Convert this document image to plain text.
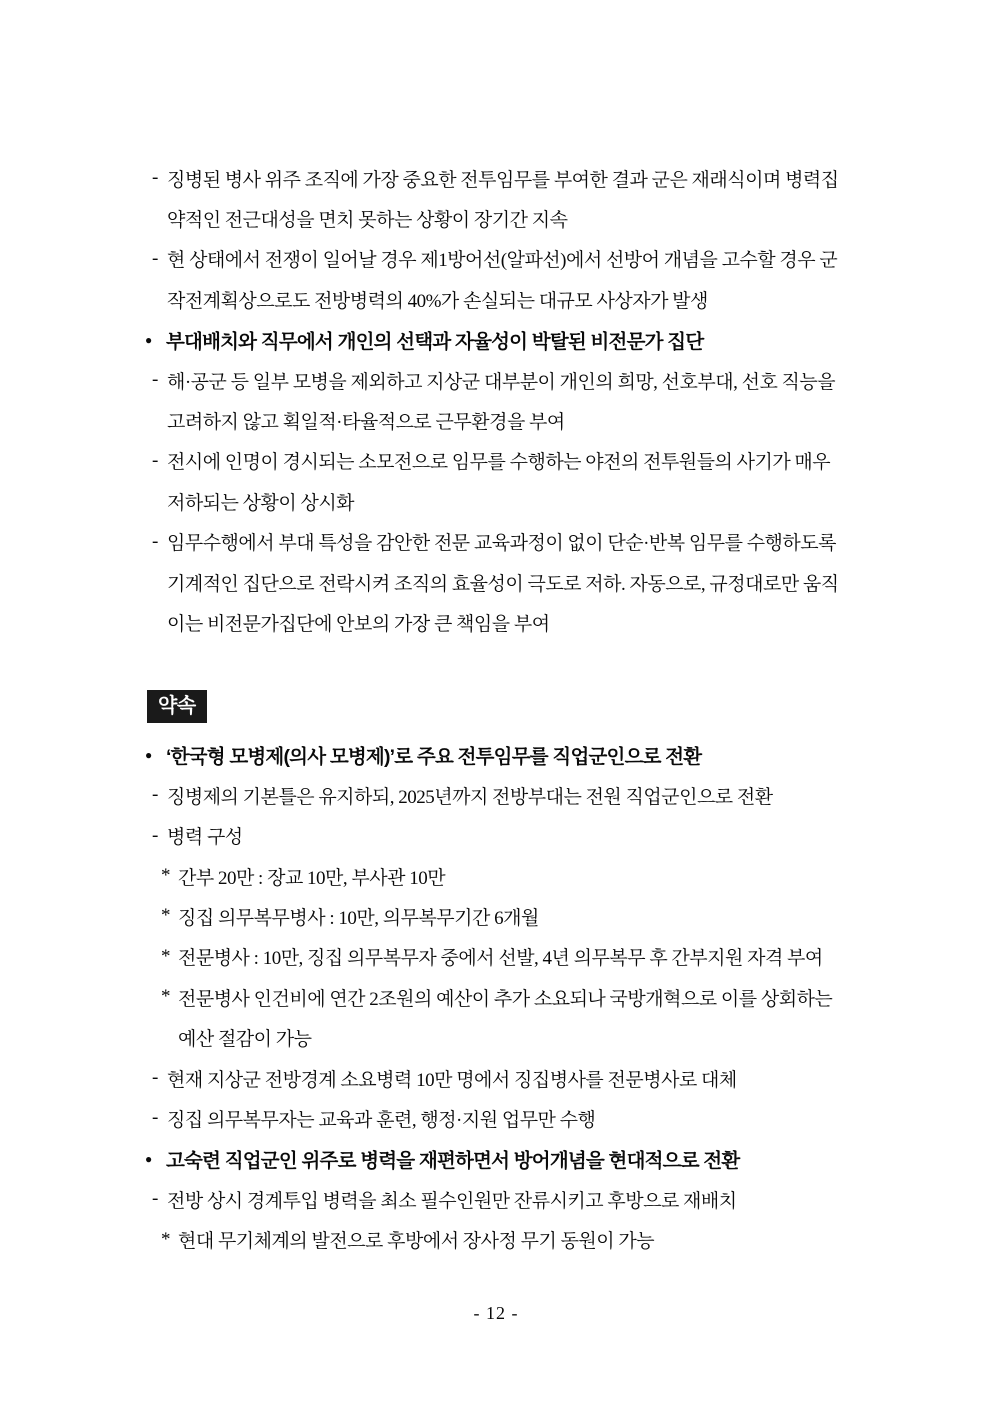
- 징병된 병사 위주 조직에 가장 중요한 전투임무를 부여한 결과 군은 재래식이며 병력집
약적인 전근대성을 면치 못하는 상황이 장기간 지속
- 현 상태에서 전쟁이 일어날 경우 제1방어선(알파선)에서 선방어 개념을 고수할 경우 군
작전계획상으로도 전방병력의 40%가 손실되는 대규모 사상자가 발생
● 부대배치와 직무에서 개인의 선택과 자율성이 박탈된 비전문가 집단
- 해·공군 등 일부 모병을 제외하고 지상군 대부분이 개인의 희망, 선호부대, 선호 직능을
고려하지 않고 획일적·타율적으로 근무환경을 부여
- 전시에 인명이 경시되는 소모전으로 임무를 수행하는 야전의 전투원들의 사기가 매우
저하되는 상황이 상시화
- 임무수행에서 부대 특성을 감안한 전문 교육과정이 없이 단순·반복 임무를 수행하도록
기계적인 집단으로 전락시켜 조직의 효율성이 극도로 저하. 자동으로, 규정대로만 움직
이는 비전문가집단에 안보의 가장 큰 책임을 부여
약속
● ‘한국형 모병제(의사 모병제)’로 주요 전투임무를 직업군인으로 전환
- 징병제의 기본틀은 유지하되, 2025년까지 전방부대는 전원 직업군인으로 전환
- 병력 구성
* 간부 20만 : 장교 10만, 부사관 10만
* 징집 의무복무병사 : 10만, 의무복무기간 6개월
* 전문병사 : 10만, 징집 의무복무자 중에서 선발, 4년 의무복무 후 간부지원 자격 부여
* 전문병사 인건비에 연간 2조원의 예산이 추가 소요되나 국방개혁으로 이를 상회하는
예산 절감이 가능
- 현재 지상군 전방경계 소요병력 10만 명에서 징집병사를 전문병사로 대체
- 징집 의무복무자는 교육과 훈련, 행정·지원 업무만 수행
● 고숙련 직업군인 위주로 병력을 재편하면서 방어개념을 현대적으로 전환
- 전방 상시 경계투입 병력을 최소 필수인원만 잔류시키고 후방으로 재배치
* 현대 무기체계의 발전으로 후방에서 장사정 무기 동원이 가능
- 12 -
